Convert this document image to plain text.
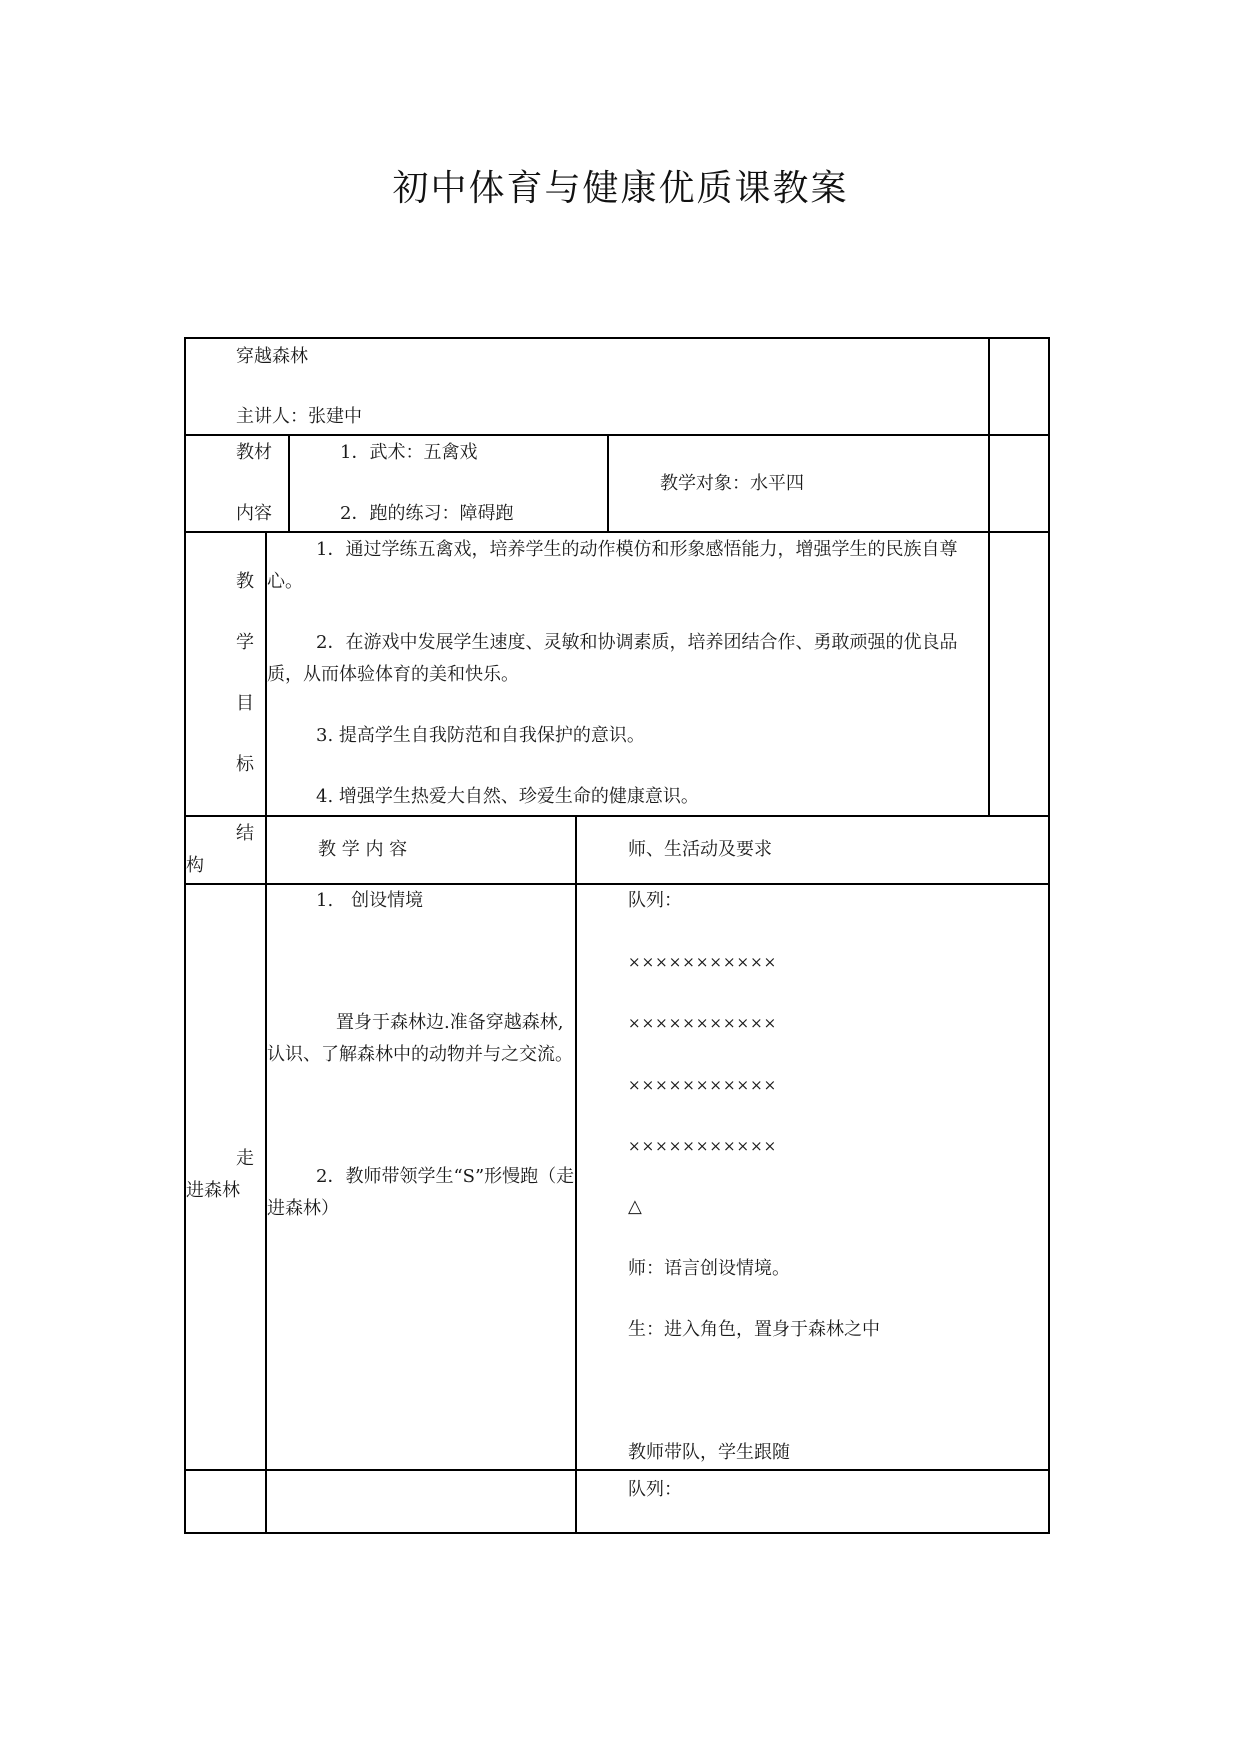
初中体育与健康优质课教案
穿越森林
主讲人：张建中
教材
内容
1．武术：五禽戏
2．跑的练习：障碍跑
教学对象：水平四
教
学
目
标
1．通过学练五禽戏，培养学生的动作模仿和形象感悟能力，增强学生的民族自尊
心。
2．在游戏中发展学生速度、灵敏和协调素质，培养团结合作、勇敢顽强的优良品
质，从而体验体育的美和快乐。
3. 提高学生自我防范和自我保护的意识。
4. 增强学生热爱大自然、珍爱生命的健康意识。
结
构
教 学 内 容	师、生活动及要求
走
进森林
1.　创设情境
置身于森林边.准备穿越森林,
认识、了解森林中的动物并与之交流。
2．教师带领学生“S”形慢跑（走
进森林）
队列：
×××××××××××
×××××××××××
×××××××××××
×××××××××××
△
师：语言创设情境。
生：进入角色，置身于森林之中
教师带队，学生跟随
队列：
